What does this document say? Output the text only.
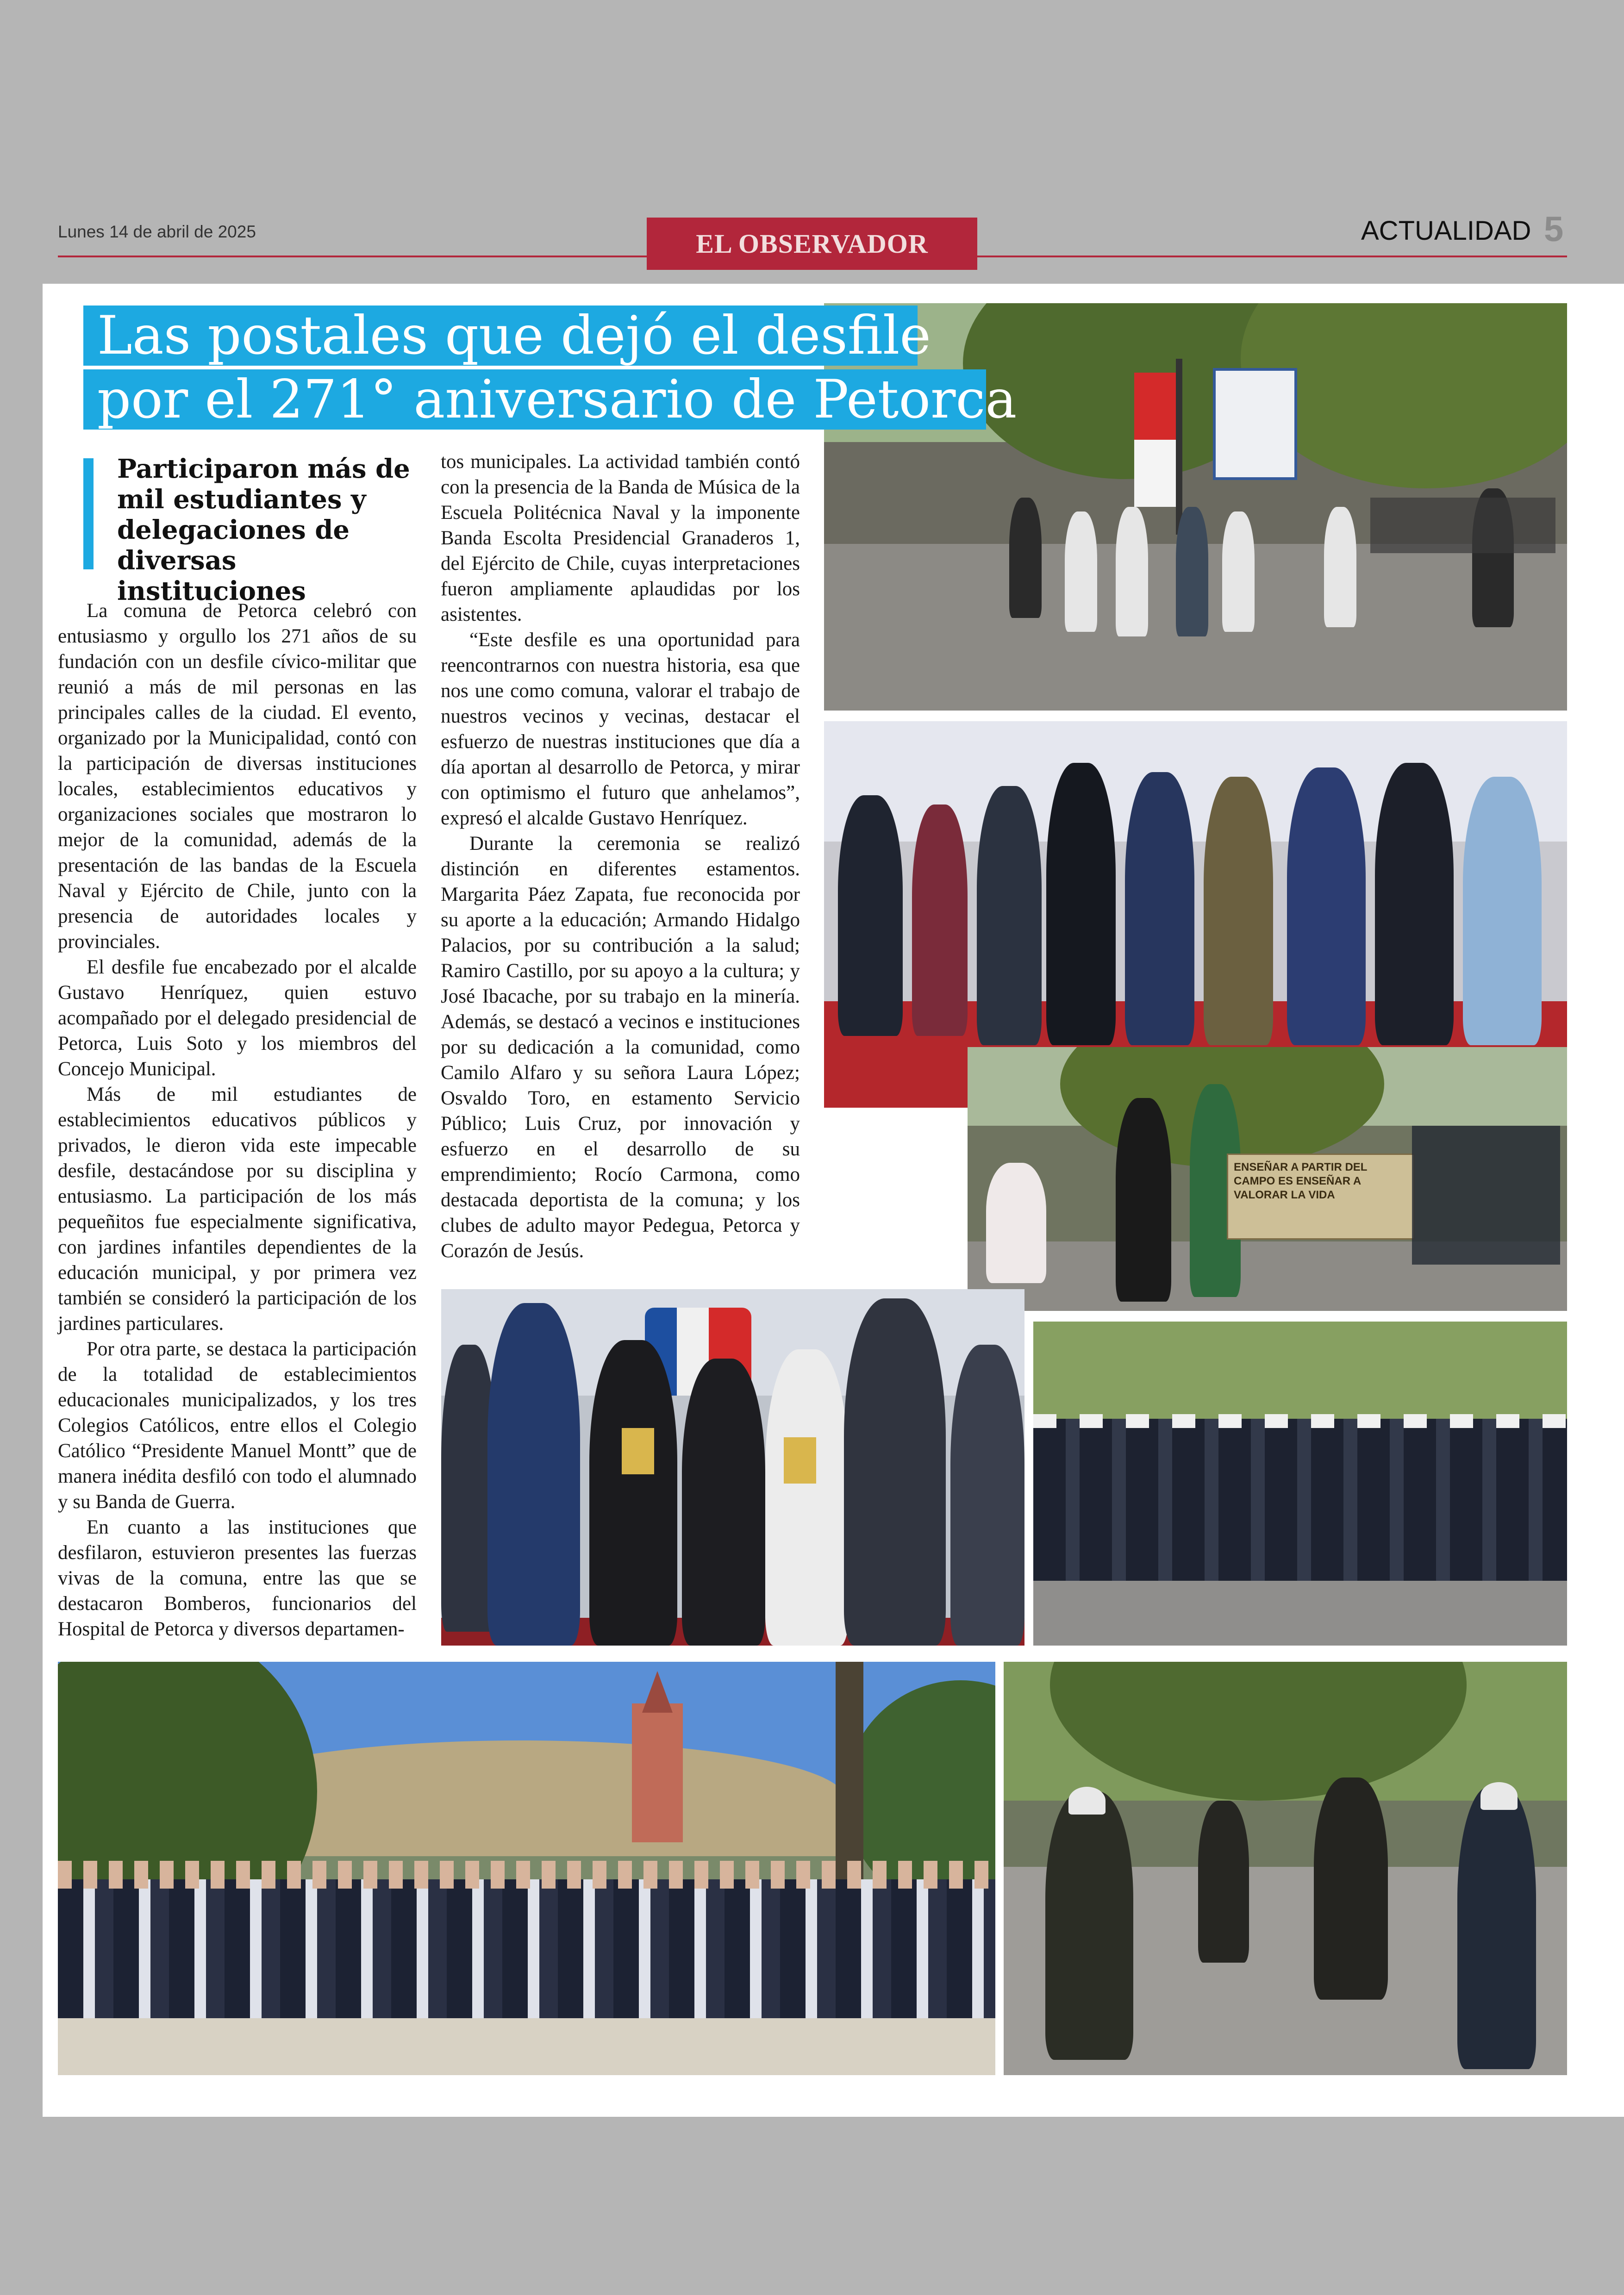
Lunes 14 de abril de 2025	EL OBSERVADOR	ACTUALIDAD 5
Las postales que dejó el desfile
por el 271° aniversario de Petorca
Participaron más de mil estudiantes y delegaciones de diversas instituciones

La comuna de Petorca celebró con entusiasmo y orgullo los 271 años de su fundación con un desfile cívico-militar que reunió a más de mil personas en las principales calles de la ciudad. El evento, organizado por la Municipalidad, contó con la participación de diversas instituciones locales, establecimientos educativos y organizaciones sociales que mostraron lo mejor de la comunidad, además de la presentación de las bandas de la Escuela Naval y Ejército de Chile, junto con la presencia de autoridades locales y provinciales.

El desfile fue encabezado por el alcalde Gustavo Henríquez, quien estuvo acompañado por el delegado presidencial de Petorca, Luis Soto y los miembros del Concejo Municipal.

Más de mil estudiantes de establecimientos educativos públicos y privados, le dieron vida este impecable desfile, destacándose por su disciplina y entusiasmo. La participación de los más pequeñitos fue especialmente significativa, con jardines infantiles dependientes de la educación municipal, y por primera vez también se consideró la participación de los jardines particulares.

Por otra parte, se destaca la participación de la totalidad de establecimientos educacionales municipalizados, y los tres Colegios Católicos, entre ellos el Colegio Católico “Presidente Manuel Montt” que de manera inédita desfiló con todo el alumnado y su Banda de Guerra.

En cuanto a las instituciones que desfilaron, estuvieron presentes las fuerzas vivas de la comuna, entre las que se destacaron Bomberos, funcionarios del Hospital de Petorca y diversos departamen-

tos municipales. La actividad también contó con la presencia de la Banda de Música de la Escuela Politécnica Naval y la imponente Banda Escolta Presidencial Granaderos 1, del Ejército de Chile, cuyas interpretaciones fueron ampliamente aplaudidas por los asistentes.

“Este desfile es una oportunidad para reencontrarnos con nuestra historia, esa que nos une como comuna, valorar el trabajo de nuestros vecinos y vecinas, destacar el esfuerzo de nuestras instituciones que día a día aportan al desarrollo de Petorca, y mirar con optimismo el futuro que anhelamos”, expresó el alcalde Gustavo Henríquez.

Durante la ceremonia se realizó distinción en diferentes estamentos. Margarita Páez Zapata, fue reconocida por su aporte a la educación; Armando Hidalgo Palacios, por su contribución a la salud; Ramiro Castillo, por su apoyo a la cultura; y José Ibacache, por su trabajo en la minería. Además, se destacó a vecinos e instituciones por su dedicación a la comunidad, como Camilo Alfaro y su señora Laura López; Osvaldo Toro, en estamento Servicio Público; Luis Cruz, por innovación y esfuerzo en el desarrollo de su emprendimiento; Rocío Carmona, como destacada deportista de la comuna; y los clubes de adulto mayor Pedegua, Petorca y Corazón de Jesús.

ENSEÑAR A PARTIR DEL CAMPO ES ENSEÑAR A VALORAR LA VIDA
